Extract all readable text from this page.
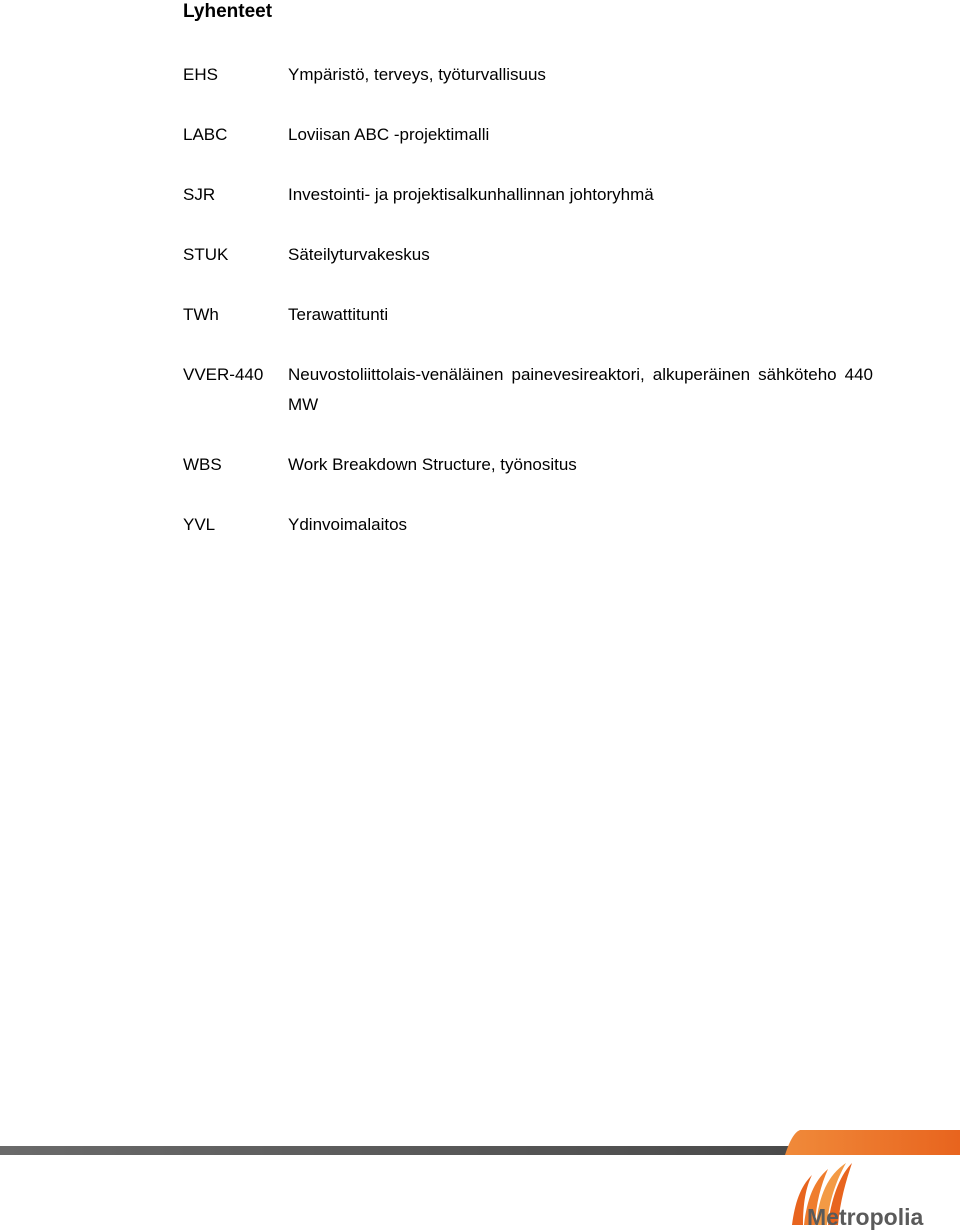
Lyhenteet
EHS	Ympäristö, terveys, työturvallisuus
LABC	Loviisan ABC -projektimalli
SJR	Investointi- ja projektisalkunhallinnan johtoryhmä
STUK	Säteilyturvakeskus
TWh	Terawattitunti
VVER-440	Neuvostoliittolais-venäläinen painevesireaktori, alkuperäinen sähköteho 440 MW
WBS	Work Breakdown Structure, työnositus
YVL	Ydinvoimalaitos
Metropolia
